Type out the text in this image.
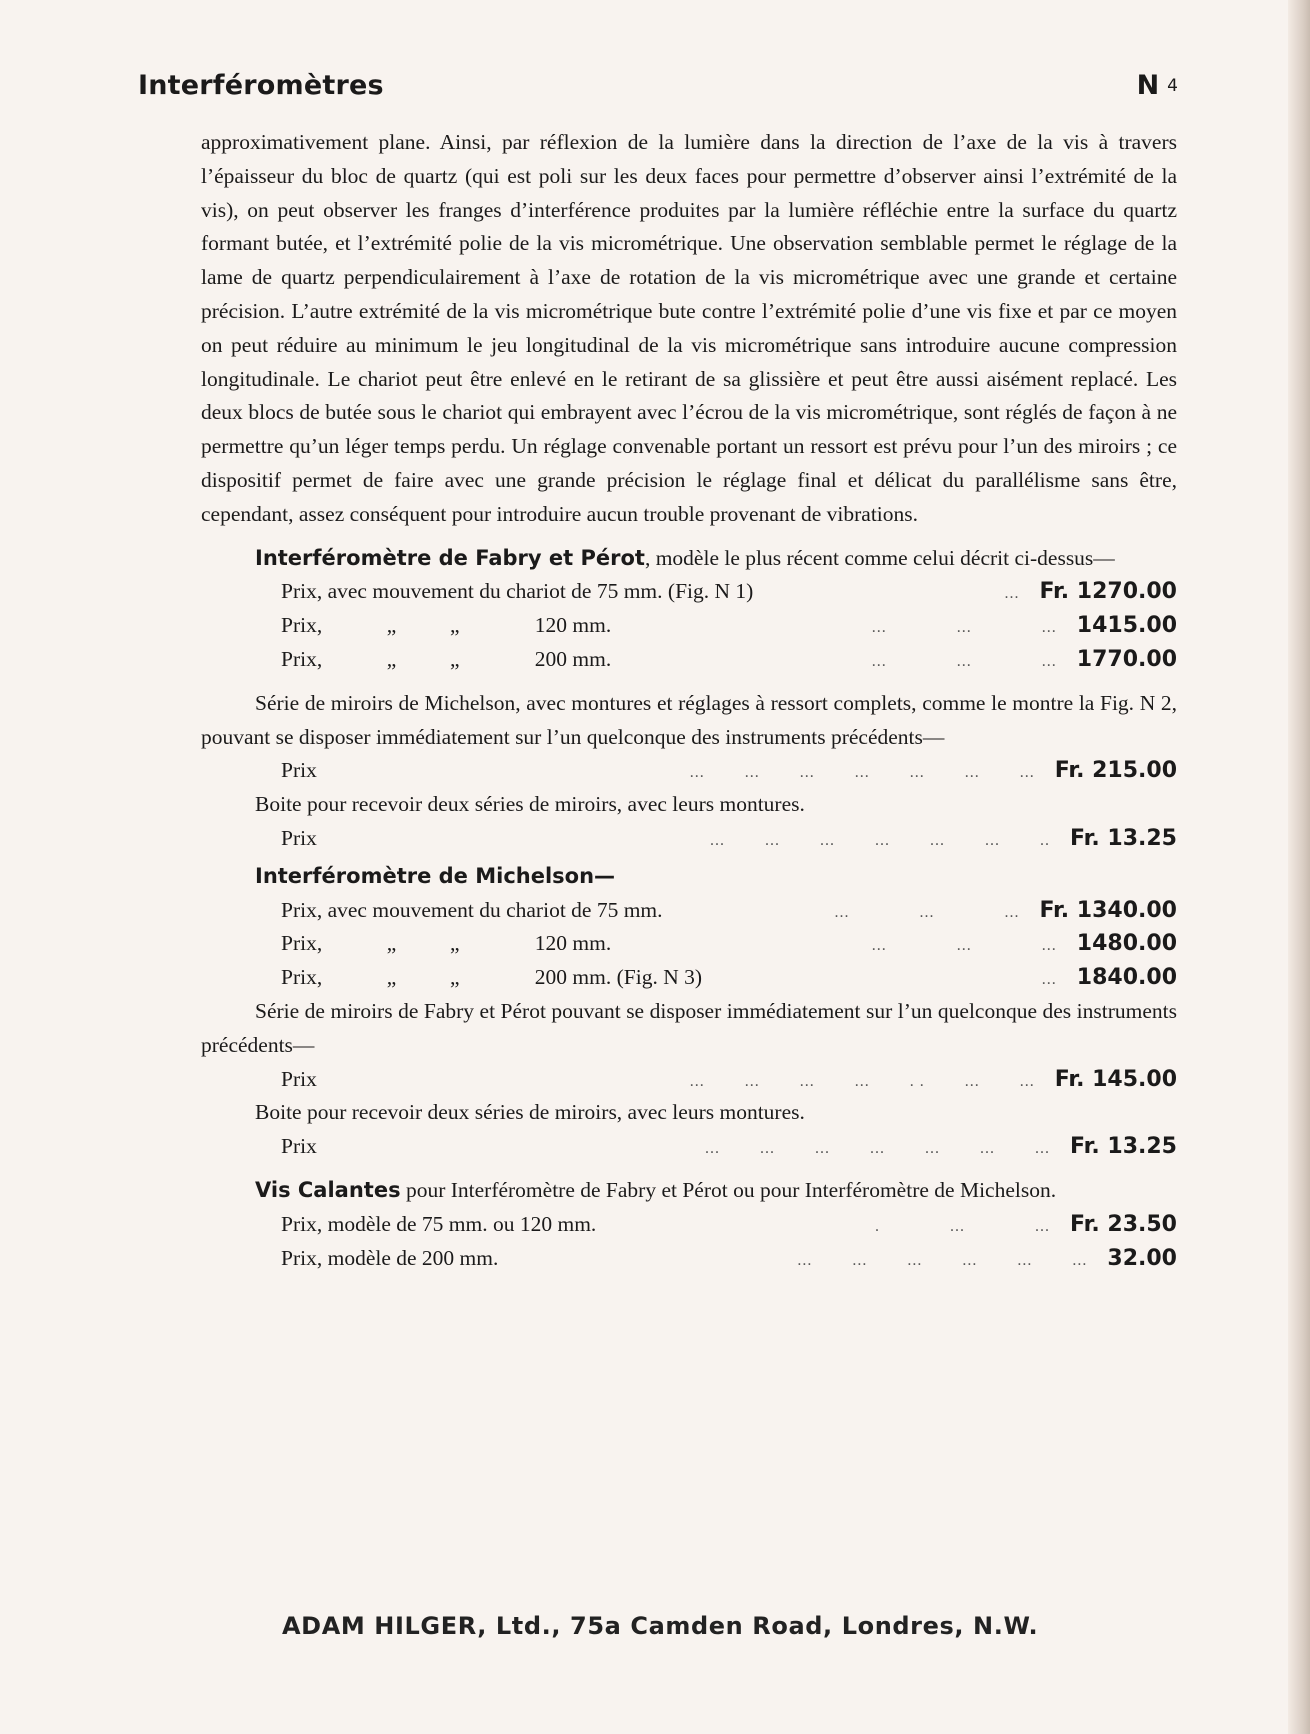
Interféromètres	N 4

approximativement plane. Ainsi, par réflexion de la lumière dans la direction de l’axe de la vis à travers l’épaisseur du bloc de quartz (qui est poli sur les deux faces pour permettre d’observer ainsi l’extrémité de la vis), on peut observer les franges d’interférence produites par la lumière réfléchie entre la surface du quartz formant butée, et l’extrémité polie de la vis micrométrique. Une observation semblable permet le réglage de la lame de quartz perpendiculairement à l’axe de rotation de la vis micrométrique avec une grande et certaine précision. L’autre extrémité de la vis micrométrique bute contre l’extrémité polie d’une vis fixe et par ce moyen on peut réduire au minimum le jeu longitudinal de la vis micrométrique sans introduire aucune compression longitudinale. Le chariot peut être enlevé en le retirant de sa glissière et peut être aussi aisément replacé. Les deux blocs de butée sous le chariot qui embrayent avec l’écrou de la vis micrométrique, sont réglés de façon à ne permettre qu’un léger temps perdu. Un réglage convenable portant un ressort est prévu pour l’un des miroirs ; ce dispositif permet de faire avec une grande précision le réglage final et délicat du parallélisme sans être, cependant, assez conséquent pour introduire aucun trouble provenant de vibrations.

Interféromètre de Fabry et Pérot, modèle le plus récent comme celui décrit ci-dessus—

Prix, avec mouvement du chariot de 75 mm. (Fig. N 1)	... Fr. 1270.00
Prix,            „          „              120 mm.	...              ...              ... 1415.00
Prix,            „          „              200 mm.	...              ...              ... 1770.00

Série de miroirs de Michelson, avec montures et réglages à ressort complets, comme le montre la Fig. N 2, pouvant se disposer immédiatement sur l’un quelconque des instruments précédents—

Prix	...        ...        ...        ...        ...        ...        ... Fr. 215.00
Boite pour recevoir deux séries de miroirs, avec leurs montures.
Prix	...        ...        ...        ...        ...        ...        .. Fr. 13.25
Interféromètre de Michelson—
Prix, avec mouvement du chariot de 75 mm.	...              ...              ... Fr. 1340.00
Prix,            „          „              120 mm.	...              ...              ... 1480.00
Prix,            „          „              200 mm. (Fig. N 3)	... 1840.00

Série de miroirs de Fabry et Pérot pouvant se disposer immédiatement sur l’un quelconque des instruments précédents—

Prix	...        ...        ...        ...        . .        ...        ... Fr. 145.00
Boite pour recevoir deux séries de miroirs, avec leurs montures.
Prix	...        ...        ...        ...        ...        ...        ... Fr. 13.25

Vis Calantes pour Interféromètre de Fabry et Pérot ou pour Interféromètre de Michelson.

Prix, modèle de 75 mm. ou 120 mm.	.              ...              ... Fr. 23.50
Prix, modèle de 200 mm.	...        ...        ...        ...        ...        ... 32.00
ADAM HILGER, Ltd., 75a Camden Road, Londres, N.W.
